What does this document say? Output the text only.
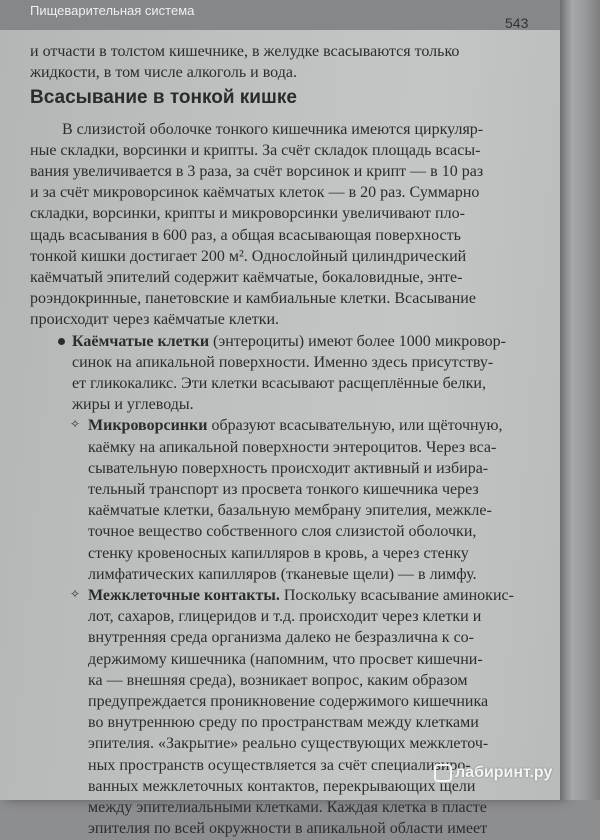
Пищеварительная система
543
и отчасти в толстом кишечнике, в желудке всасываются только
жидкости, в том числе алкоголь и вода.
Всасывание в тонкой кишке
В слизистой оболочке тонкого кишечника имеются циркуляр-
ные складки, ворсинки и крипты. За счёт складок площадь всасы-
вания увеличивается в 3 раза, за счёт ворсинок и крипт — в 10 раз
и за счёт микроворсинок каёмчатых клеток — в 20 раз. Суммарно
складки, ворсинки, крипты и микроворсинки увеличивают пло-
щадь всасывания в 600 раз, а общая всасывающая поверхность
тонкой кишки достигает 200 м². Однослойный цилиндрический
каёмчатый эпителий содержит каёмчатые, бокаловидные, энте-
роэндокринные, панетовские и камбиальные клетки. Всасывание
происходит через каёмчатые клетки.
Каёмчатые клетки (энтероциты) имеют более 1000 микровор-
синок на апикальной поверхности. Именно здесь присутству-
ет гликокаликс. Эти клетки всасывают расщеплённые белки,
жиры и углеводы.
✧ Микроворсинки образуют всасывательную, или щёточную,
каёмку на апикальной поверхности энтероцитов. Через вса-
сывательную поверхность происходит активный и избира-
тельный транспорт из просвета тонкого кишечника через
каёмчатые клетки, базальную мембрану эпителия, межкле-
точное вещество собственного слоя слизистой оболочки,
стенку кровеносных капилляров в кровь, а через стенку
лимфатических капилляров (тканевые щели) — в лимфу.
✧ Межклеточные контакты. Поскольку всасывание аминокис-
лот, сахаров, глицеридов и т.д. происходит через клетки и
внутренняя среда организма далеко не безразлична к со-
держимому кишечника (напомним, что просвет кишечни-
ка — внешняя среда), возникает вопрос, каким образом
предупреждается проникновение содержимого кишечника
во внутреннюю среду по пространствам между клетками
эпителия. «Закрытие» реально существующих межклеточ-
ных пространств осуществляется за счёт специализиро-
ванных межклеточных контактов, перекрывающих щели
между эпителиальными клетками. Каждая клетка в пласте
эпителия по всей окружности в апикальной области имеет
лабиринт.ру
